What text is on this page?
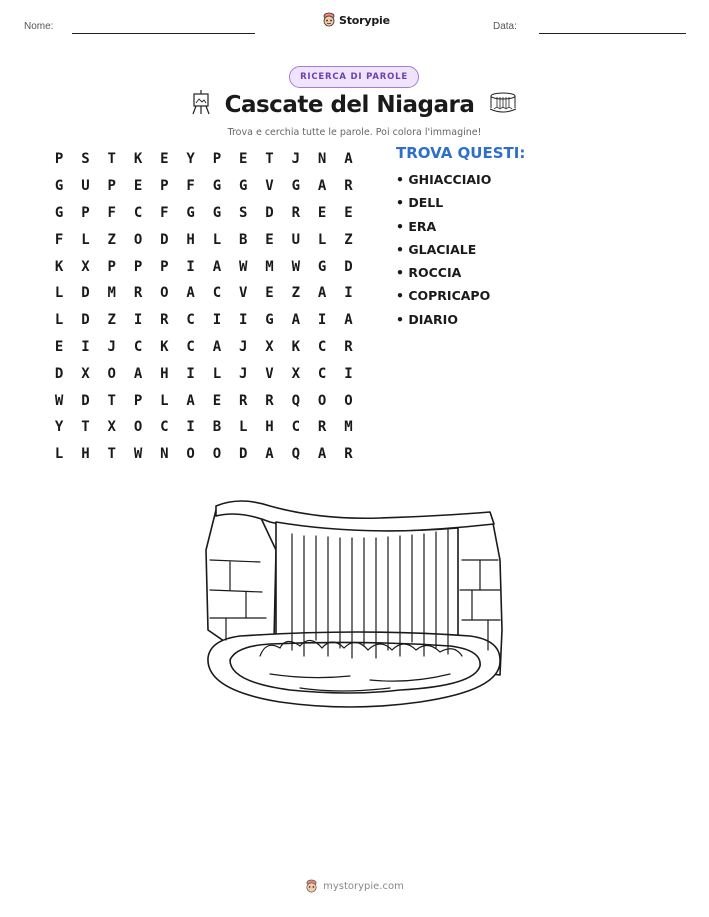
Nome:	Storypie	Data:
RICERCA DI PAROLE
Cascate del Niagara
Trova e cerchia tutte le parole. Poi colora l'immagine!
P	S	T	K	E	Y	P	E	T	J	N	A
G	U	P	E	P	F	G	G	V	G	A	R
G	P	F	C	F	G	G	S	D	R	E	E
F	L	Z	O	D	H	L	B	E	U	L	Z
K	X	P	P	P	I	A	W	M	W	G	D
L	D	M	R	O	A	C	V	E	Z	A	I
L	D	Z	I	R	C	I	I	G	A	I	A
E	I	J	C	K	C	A	J	X	K	C	R
D	X	O	A	H	I	L	J	V	X	C	I
W	D	T	P	L	A	E	R	R	Q	O	O
Y	T	X	O	C	I	B	L	H	C	R	M
L	H	T	W	N	O	O	D	A	Q	A	R
TROVA QUESTI:
• GHIACCIAIO
• DELL
• ERA
• GLACIALE
• ROCCIA
• COPRICAPO
• DIARIO
mystorypie.com
